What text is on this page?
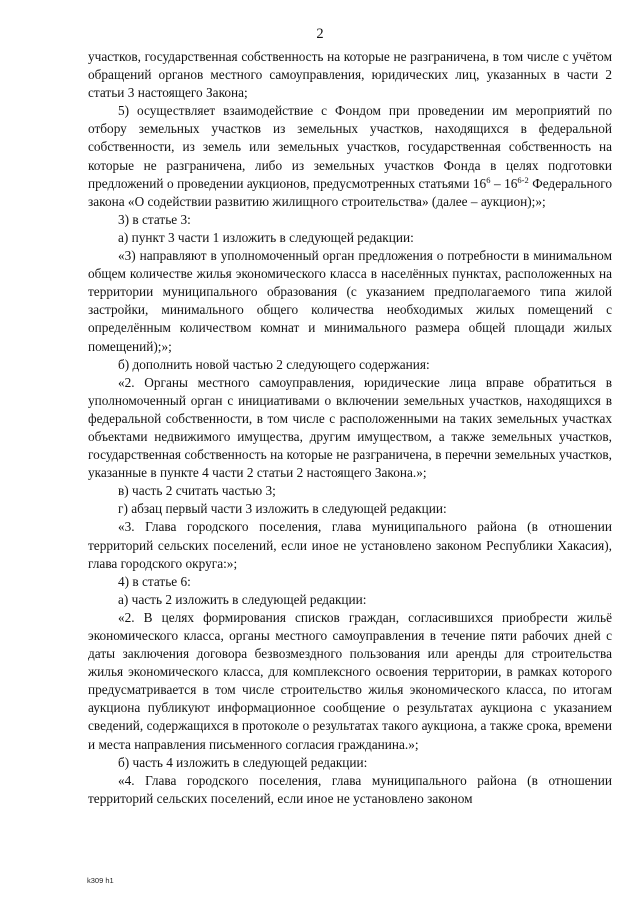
2

участков, государственная собственность на которые не разграничена, в том числе с учётом обращений органов местного самоуправления, юридических лиц, указанных в части 2 статьи 3 настоящего Закона;

5) осуществляет взаимодействие с Фондом при проведении им мероприятий по отбору земельных участков из земельных участков, находящихся в федеральной собственности, из земель или земельных участков, государственная собственность на которые не разграничена, либо из земельных участков Фонда в целях подготовки предложений о проведении аукционов, предусмотренных статьями $16^6 - 16^{6-2}$ Федерального закона «О содействии развитию жилищного строительства» (далее – аукцион);»;

3) в статье 3:

а) пункт 3 части 1 изложить в следующей редакции:

«3) направляют в уполномоченный орган предложения о потребности в минимальном общем количестве жилья экономического класса в населённых пунктах, расположенных на территории муниципального образования (с указанием предполагаемого типа жилой застройки, минимального общего количества необходимых жилых помещений с определённым количеством комнат и минимального размера общей площади жилых помещений);»;

б) дополнить новой частью 2 следующего содержания:

«2. Органы местного самоуправления, юридические лица вправе обратиться в уполномоченный орган с инициативами о включении земельных участков, находящихся в федеральной собственности, в том числе с расположенными на таких земельных участках объектами недвижимого имущества, другим имуществом, а также земельных участков, государственная собственность на которые не разграничена, в перечни земельных участков, указанные в пункте 4 части 2 статьи 2 настоящего Закона.»;

в) часть 2 считать частью 3;

г) абзац первый части 3 изложить в следующей редакции:

«3. Глава городского поселения, глава муниципального района (в отношении территорий сельских поселений, если иное не установлено законом Республики Хакасия), глава городского округа:»;

4) в статье 6:

а) часть 2 изложить в следующей редакции:

«2. В целях формирования списков граждан, согласившихся приобрести жильё экономического класса, органы местного самоуправления в течение пяти рабочих дней с даты заключения договора безвозмездного пользования или аренды для строительства жилья экономического класса, для комплексного освоения территории, в рамках которого предусматривается в том числе строительство жилья экономического класса, по итогам аукциона публикуют информационное сообщение о результатах аукциона с указанием сведений, содержащихся в протоколе о результатах такого аукциона, а также срока, времени и места направления письменного согласия гражданина.»;

б) часть 4 изложить в следующей редакции:

«4. Глава городского поселения, глава муниципального района (в отношении территорий сельских поселений, если иное не установлено законом

k309 h1
